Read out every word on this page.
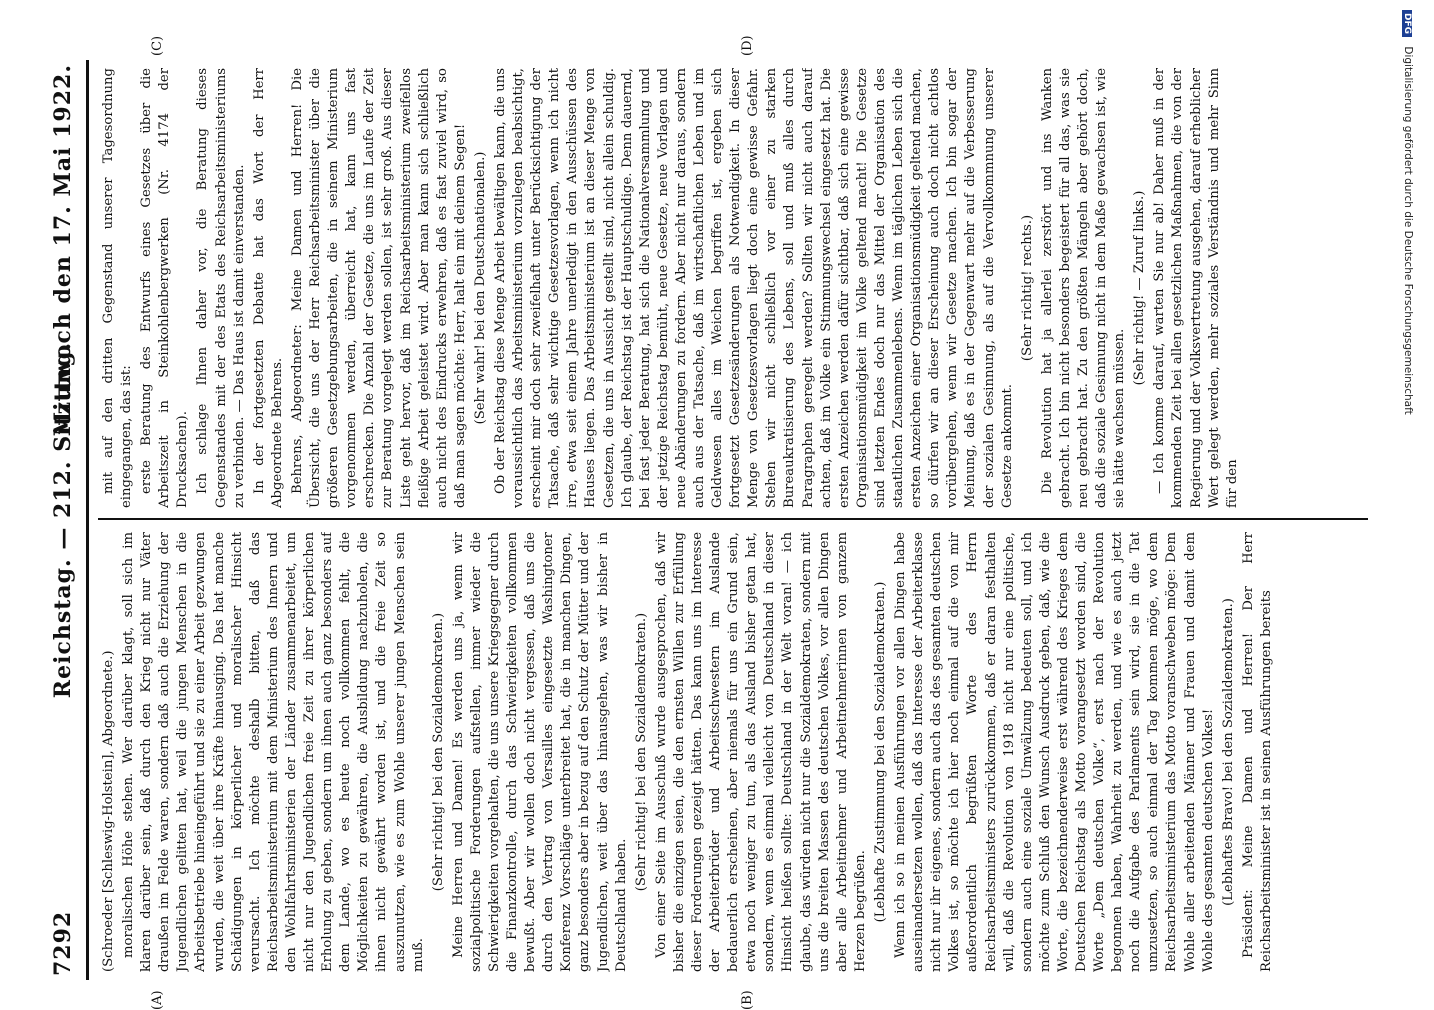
7292
Reichstag. — 212. Sitzung.
Mittwoch den 17. Mai 1922.

(Schroeder [Schleswig-Holstein], Abgeordnete.) moralischen Höhe stehen. Wer darüber klagt, soll sich im klaren darüber sein, daß durch den Krieg nicht nur Väter draußen im Felde waren, sondern daß auch die Erziehung der Jugendlichen gelitten hat, weil die jungen Menschen in die Arbeitsbetriebe hineingeführt und sie zu einer Arbeit gezwungen wurden, die weit über ihre Kräfte hinausging. Das hat manche Schädigungen in körperlicher und moralischer Hinsicht verursacht. Ich möchte deshalb bitten, daß das Reichsarbeitsministerium mit dem Ministerium des Innern und den Wohlfahrtsministerien der Länder zusammenarbeitet, um nicht nur den Jugendlichen freie Zeit zu ihrer körperlichen Erholung zu geben, sondern um ihnen auch ganz besonders auf dem Lande, wo es heute noch vollkommen fehlt, die Möglichkeiten zu gewähren, die Ausbildung nachzuholen, die ihnen nicht gewährt worden ist, und die freie Zeit so auszunutzen, wie es zum Wohle unserer jungen Menschen sein muß.

(Sehr richtig! bei den Sozialdemokraten.) Meine Herren und Damen! Es werden uns ja, wenn wir sozialpolitische Forderungen aufstellen, immer wieder die Schwierigkeiten vorgehalten, die uns unsere Kriegsgegner durch die Finanzkontrolle, durch das Schwierigkeiten vollkommen bewußt. Aber wir wollen doch nicht vergessen, daß uns die durch den Vertrag von Versailles eingesetzte Washingtoner Konferenz Vorschläge unterbreitet hat, die in manchen Dingen, ganz besonders aber in bezug auf den Schutz der Mütter und der Jugendlichen, weit über das hinausgehen, was wir bisher in Deutschland haben.

(Sehr richtig! bei den Sozialdemokraten.) Von einer Seite im Ausschuß wurde ausgesprochen, daß wir bisher die einzigen seien, die den ernsten Willen zur Erfüllung dieser Forderungen gezeigt hätten. Das kann uns im Interesse der Arbeiterbrüder und Arbeitsschwestern im Auslande bedauerlich erscheinen, aber niemals für uns ein Grund sein, etwa noch weniger zu tun, als das Ausland bisher getan hat, sondern, wenn es einmal vielleicht von Deutschland in dieser Hinsicht heißen sollte: Deutschland in der Welt voran! — ich glaube, das würden nicht nur die Sozialdemokraten, sondern mit uns die breiten Massen des deutschen Volkes, vor allen Dingen aber alle Arbeitnehmer und Arbeitnehmerinnen von ganzem Herzen begrüßen. (Lebhafte Zustimmung bei den Sozialdemokraten.) Wenn ich so in meinen Ausführungen vor allen Dingen habe auseinandersetzen wollen, daß das Interesse der Arbeiterklasse nicht nur ihr eigenes, sondern auch das des gesamten deutschen Volkes ist, so möchte ich hier noch einmal auf die von mir außerordentlich begrüßten Worte des Herrn Reichsarbeitsministers zurückkommen, daß er daran festhalten will, daß die Revolution von 1918 nicht nur eine politische, sondern auch eine soziale Umwälzung bedeuten soll, und ich möchte zum Schluß den Wunsch Ausdruck geben, daß, wie die Worte, die bezeichnenderweise erst während des Krieges dem Deutschen Reichstag als Motto vorangesetzt worden sind, die Worte „Dem deutschen Volke“, erst nach der Revolution begonnen haben, Wahrheit zu werden, und wie es auch jetzt noch die Aufgabe des Parlaments sein wird, sie in die Tat umzusetzen, so auch einmal der Tag kommen möge, wo dem Reichsarbeitsministerium das Motto voranschweben möge: Dem Wohle aller arbeitenden Männer und Frauen und damit dem Wohle des gesamten deutschen Volkes! (Lebhaftes Bravo! bei den Sozialdemokraten.) Präsident: Meine Damen und Herren! Der Herr Reichsarbeitsminister ist in seinen Ausführungen bereits

mit auf den dritten Gegenstand unserer Tagesordnung eingegangen, das ist: erste Beratung des Entwurfs eines Gesetzes über die Arbeitszeit in Steinkohlenbergwerken (Nr. 4174 der Drucksachen). Ich schlage Ihnen daher vor, die Beratung dieses Gegenstandes mit der des Etats des Reichsarbeitsministeriums zu verbinden. — Das Haus ist damit einverstanden. In der fortgesetzten Debatte hat das Wort der Herr Abgeordnete Behrens. Behrens, Abgeordneter: Meine Damen und Herren! Die Übersicht, die uns der Herr Reichsarbeitsminister über die größeren Gesetzgebungsarbeiten, die in seinem Ministerium vorgenommen werden, überreicht hat, kann uns fast erschrecken. Die Anzahl der Gesetze, die uns im Laufe der Zeit zur Beratung vorgelegt werden sollen, ist sehr groß. Aus dieser Liste geht hervor, daß im Reichsarbeitsministerium zweifellos fleißige Arbeit geleistet wird. Aber man kann sich schließlich auch nicht des Eindrucks erwehren, daß es fast zuviel wird, so daß man sagen möchte: Herr, halt ein mit deinem Segen! (Sehr wahr! bei den Deutschnationalen.) Ob der Reichstag diese Menge Arbeit bewältigen kann, die uns voraussichtlich das Arbeitsministerium vorzulegen beabsichtigt, erscheint mir doch sehr zweifelhaft unter Berücksichtigung der Tatsache, daß sehr wichtige Gesetzesvorlagen, wenn ich nicht irre, etwa seit einem Jahre unerledigt in den Ausschüssen des Hauses liegen. Das Arbeitsministerium ist an dieser Menge von Gesetzen, die uns in Aussicht gestellt sind, nicht allein schuldig. Ich glaube, der Reichstag ist der Hauptschuldige. Denn dauernd, bei fast jeder Beratung, hat sich die Nationalversammlung und der jetzige Reichstag bemüht, neue Gesetze, neue Vorlagen und neue Abänderungen zu fordern. Aber nicht nur daraus, sondern auch aus der Tatsache, daß im wirtschaftlichen Leben und im Geldwesen alles im Weichen begriffen ist, ergeben sich fortgesetzt Gesetzesänderungen als Notwendigkeit. In dieser Menge von Gesetzesvorlagen liegt doch eine gewisse Gefahr. Stehen wir nicht schließlich vor einer zu starken Bureaukratisierung des Lebens, soll und muß alles durch Paragraphen geregelt werden? Sollten wir nicht auch darauf achten, daß im Volke ein Stimmungswechsel eingesetzt hat. Die ersten Anzeichen werden dafür sichtbar, daß sich eine gewisse Organisationsmüdigkeit im Volke geltend macht! Die Gesetze sind letzten Endes doch nur das Mittel der Organisation des staatlichen Zusammenlebens. Wenn im täglichen Leben sich die ersten Anzeichen einer Organisationsmüdigkeit geltend machen, so dürfen wir an dieser Erscheinung auch doch nicht achtlos vorübergehen, wenn wir Gesetze machen. Ich bin sogar der Meinung, daß es in der Gegenwart mehr auf die Verbesserung der sozialen Gesinnung, als auf die Vervollkommnung unserer Gesetze ankommt.

(Sehr richtig! rechts.) Die Revolution hat ja allerlei zerstört und ins Wanken gebracht. Ich bin nicht besonders begeistert für all das, was sie neu gebracht hat. Zu den größten Mängeln aber gehört doch, daß die soziale Gesinnung nicht in dem Maße gewachsen ist, wie sie hätte wachsen müssen.

(Sehr richtig! — Zuruf links.) — Ich komme darauf, warten Sie nur ab! Daher muß in der kommenden Zeit bei allen gesetzlichen Maßnahmen, die von der Regierung und der Volksvertretung ausgehen, darauf erheblicher Wert gelegt werden, mehr soziales Verständnis und mehr Sinn für den

(A)	(B)
(C)	(D)
DFG Digitalisierung gefördert durch die Deutsche Forschungsgemeinschaft
